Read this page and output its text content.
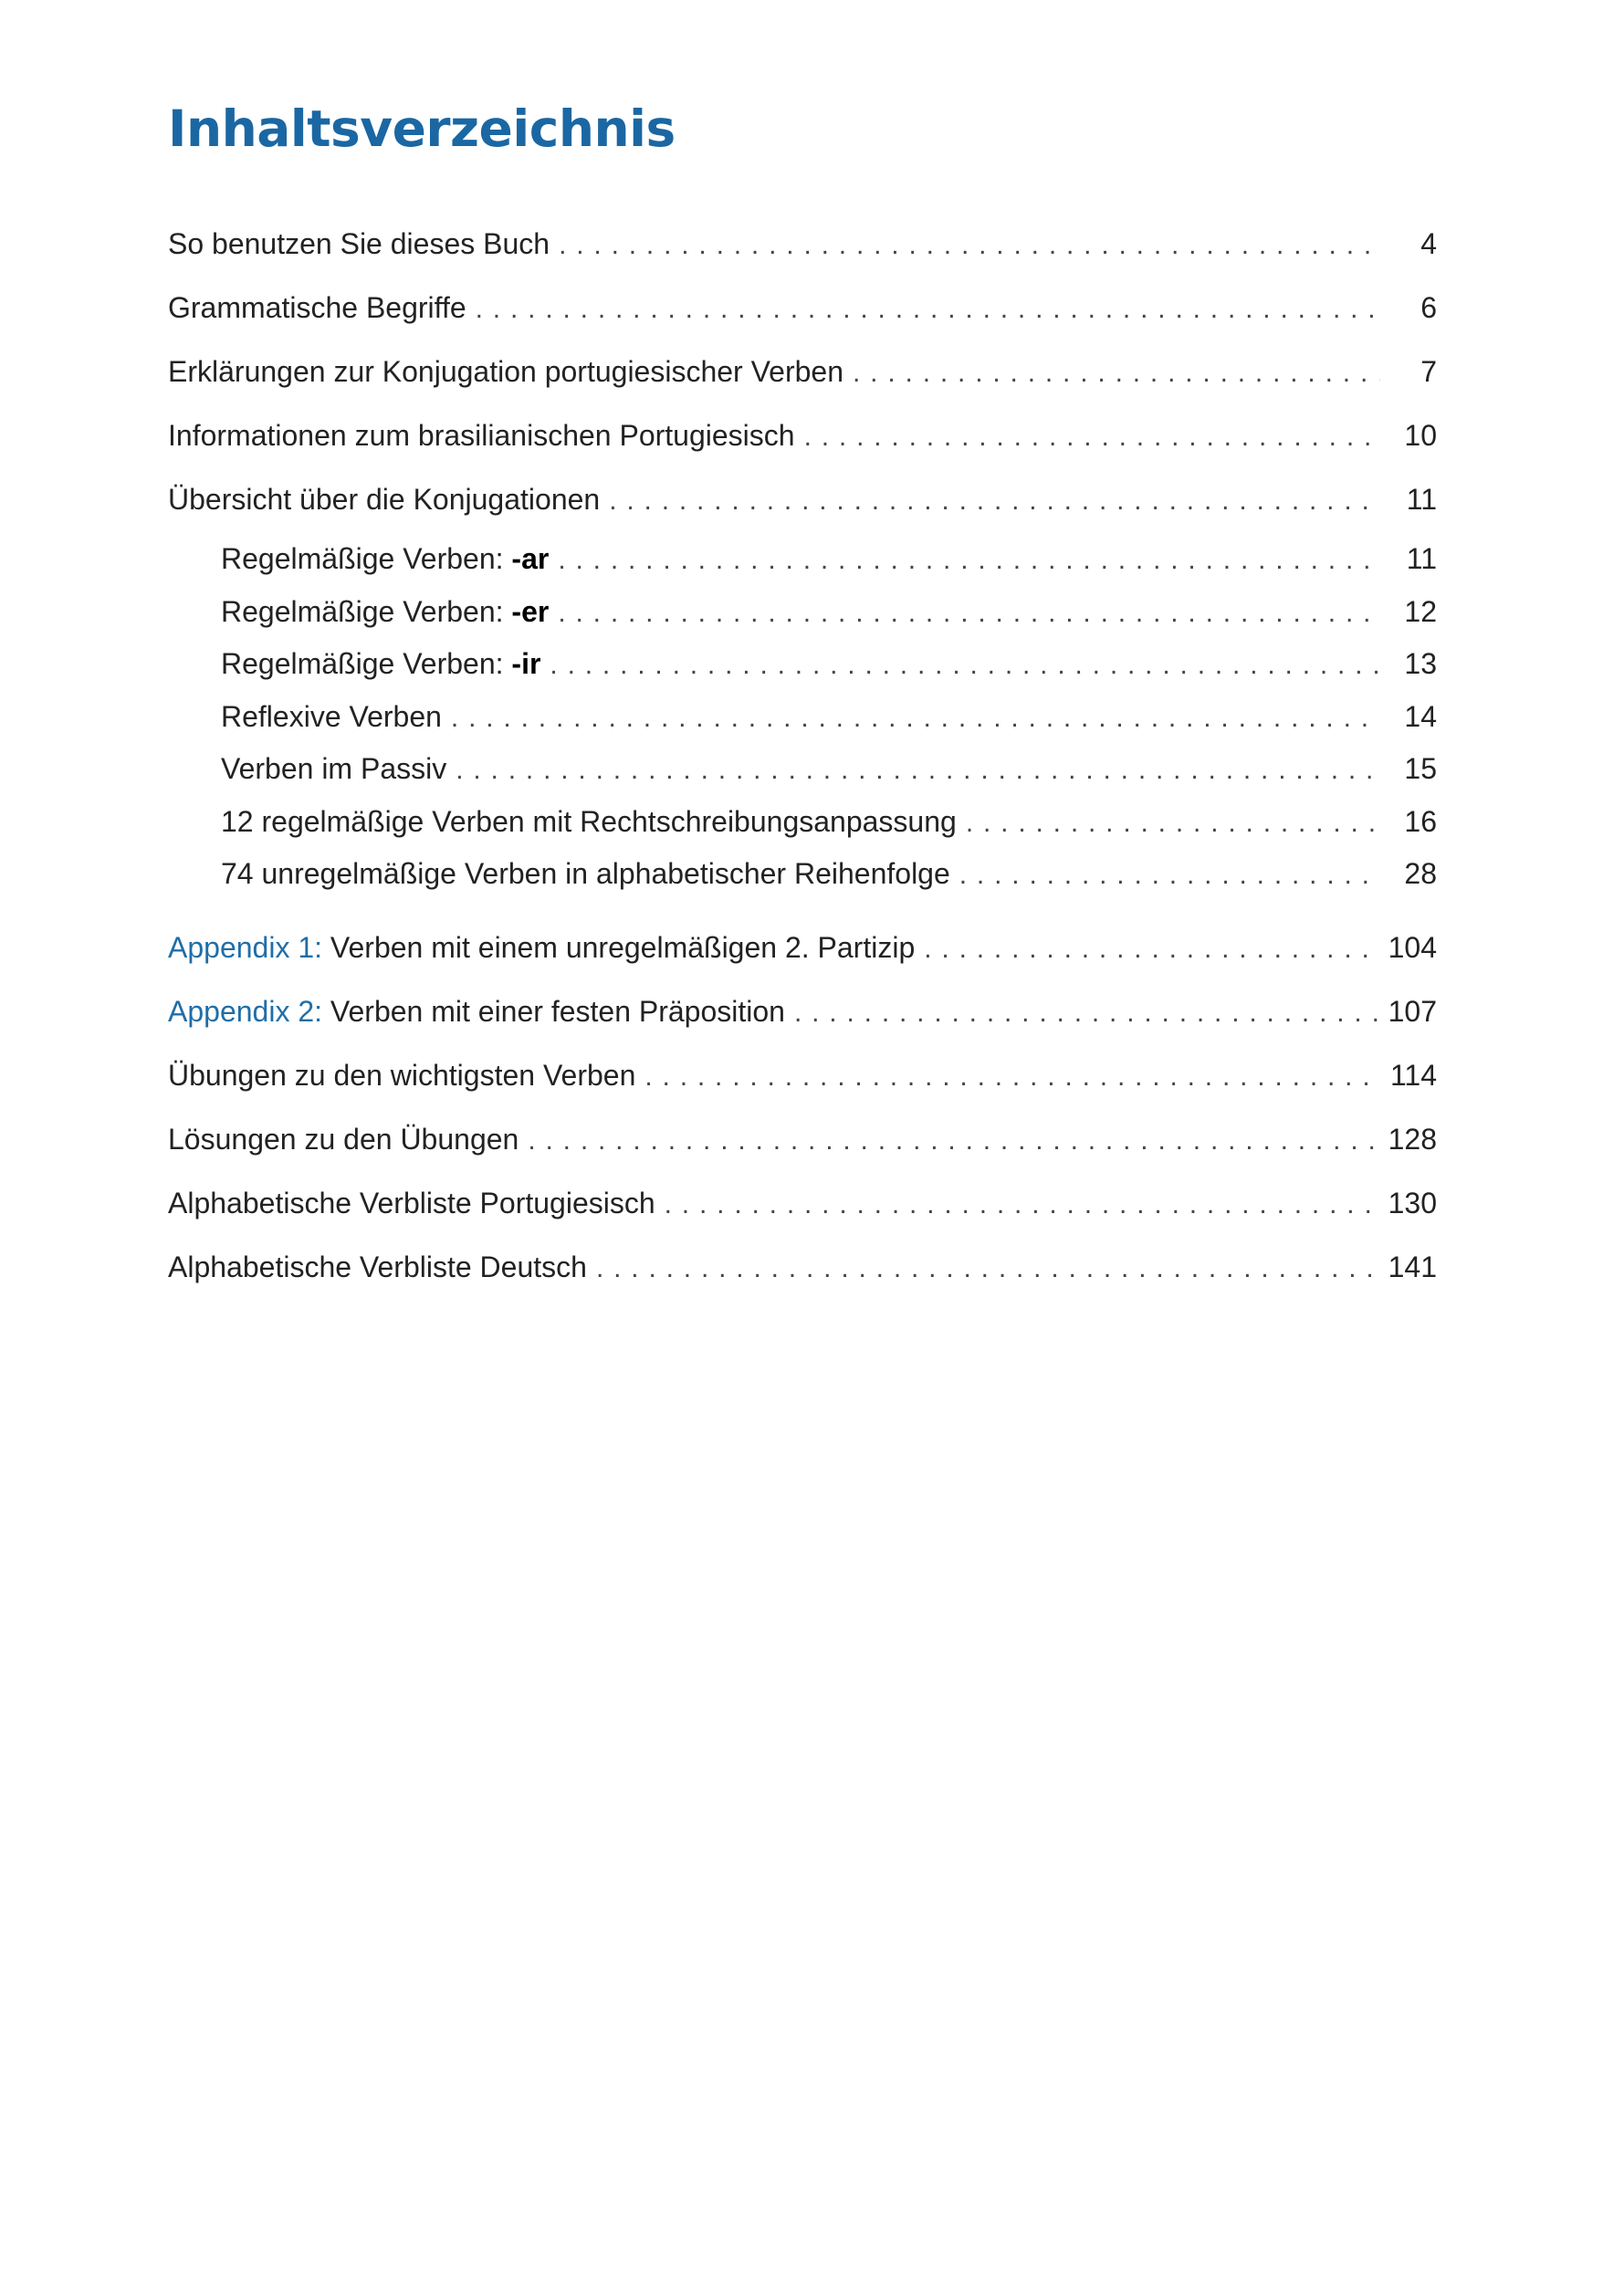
Inhaltsverzeichnis
So benutzen Sie dieses Buch . . .	4
Grammatische Begriffe . . .	6
Erklärungen zur Konjugation portugiesischer Verben . . .	7
Informationen zum brasilianischen Portugiesisch . . .	10
Übersicht über die Konjugationen . . .	11
Regelmäßige Verben: -ar . . .	11
Regelmäßige Verben: -er . . .	12
Regelmäßige Verben: -ir . . .	13
Reflexive Verben . . .	14
Verben im Passiv . . .	15
12 regelmäßige Verben mit Rechtschreibungsanpassung . . .	16
74 unregelmäßige Verben in alphabetischer Reihenfolge . . .	28
Appendix 1: Verben mit einem unregelmäßigen 2. Partizip . . .	104
Appendix 2: Verben mit einer festen Präposition . . .	107
Übungen zu den wichtigsten Verben . . .	114
Lösungen zu den Übungen . . .	128
Alphabetische Verbliste Portugiesisch . . .	130
Alphabetische Verbliste Deutsch . . .	141
